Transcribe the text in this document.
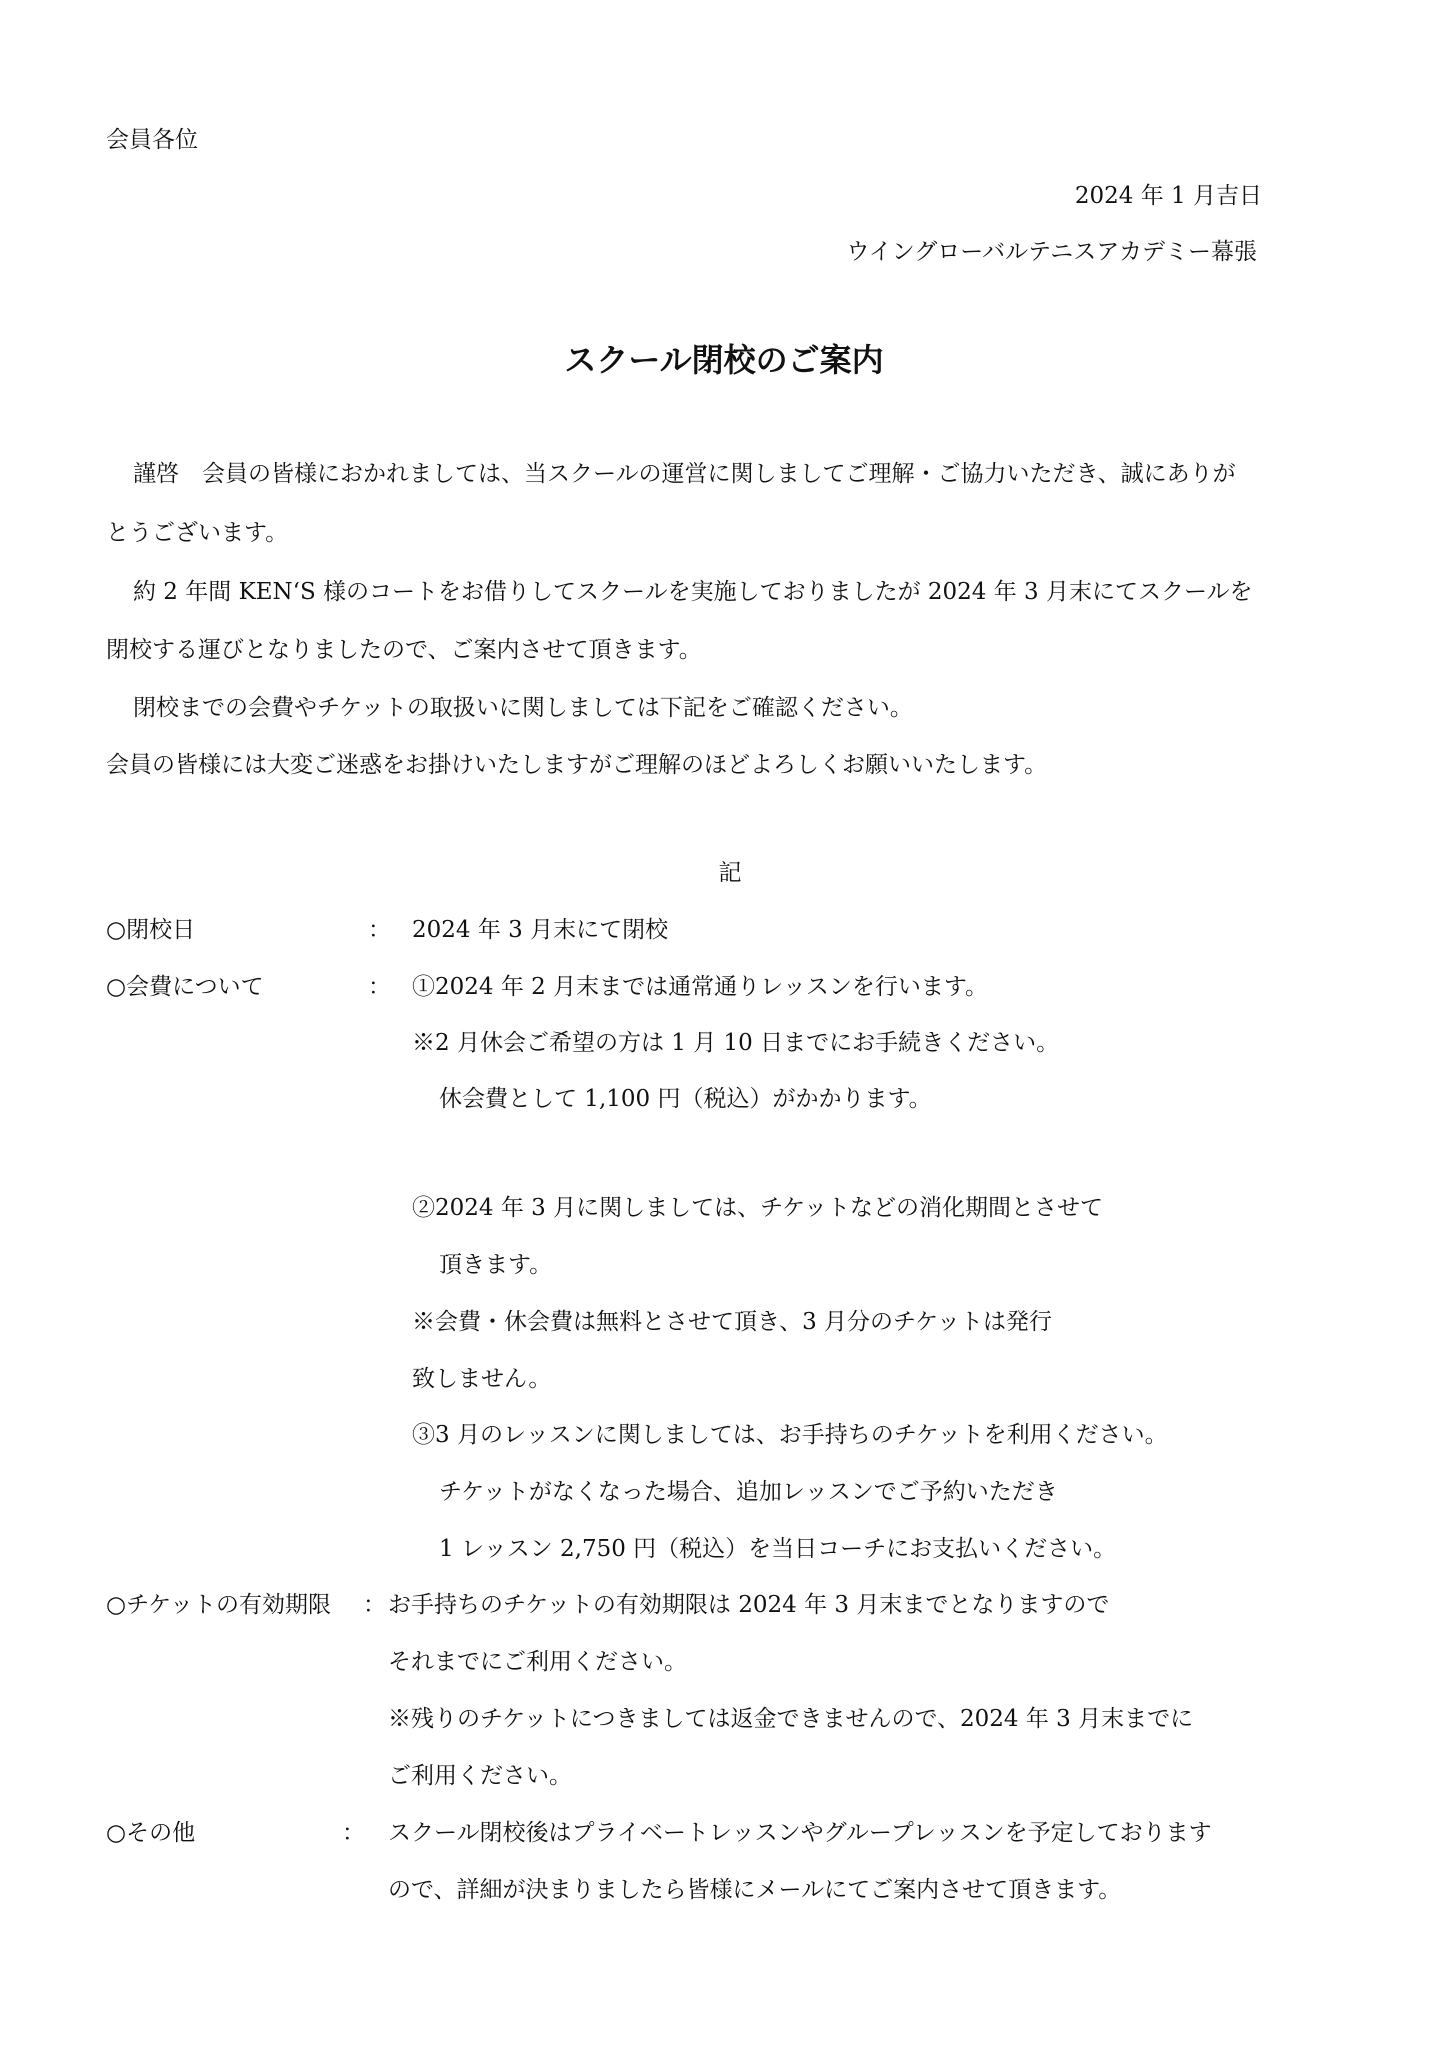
会員各位

2024 年 1 月吉日

ウイングローバルテニスアカデミー幕張

スクール閉校のご案内

謹啓　会員の皆様におかれましては、当スクールの運営に関しましてご理解・ご協力いただき、誠にありが

とうございます。

約 2 年間 KEN‘S 様のコートをお借りしてスクールを実施しておりましたが 2024 年 3 月末にてスクールを

閉校する運びとなりましたので、ご案内させて頂きます。

閉校までの会費やチケットの取扱いに関しましては下記をご確認ください。

会員の皆様には大変ご迷惑をお掛けいたしますがご理解のほどよろしくお願いいたします。

記

○閉校日	： 2024 年 3 月末にて閉校

○会費について	： ①2024 年 2 月末までは通常通りレッスンを行います。

※2 月休会ご希望の方は 1 月 10 日までにお手続きください。

休会費として 1,100 円（税込）がかかります。

②2024 年 3 月に関しましては、チケットなどの消化期間とさせて

頂きます。

※会費・休会費は無料とさせて頂き、3 月分のチケットは発行

致しません。

③3 月のレッスンに関しましては、お手持ちのチケットを利用ください。

チケットがなくなった場合、追加レッスンでご予約いただき

1 レッスン 2,750 円（税込）を当日コーチにお支払いください。

○チケットの有効期限 ： お手持ちのチケットの有効期限は 2024 年 3 月末までとなりますので

それまでにご利用ください。

※残りのチケットにつきましては返金できませんので、2024 年 3 月末までに

ご利用ください。

○その他	： スクール閉校後はプライベートレッスンやグループレッスンを予定しております

ので、詳細が決まりましたら皆様にメールにてご案内させて頂きます。
